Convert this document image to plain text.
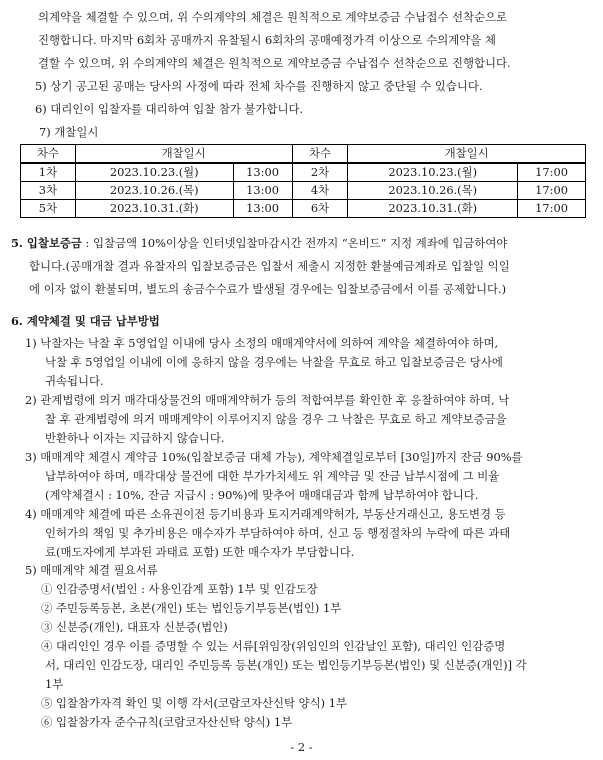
의계약을 체결할 수 있으며, 위 수의계약의 체결은 원칙적으로 계약보증금 수납접수 선착순으로
진행합니다. 마지막 6회차 공매까지 유찰될시 6회차의 공매예정가격 이상으로 수의계약을 체
결할 수 있으며, 위 수의계약의 체결은 원칙적으로 계약보증금 수납접수 선착순으로 진행합니다.
5) 상기 공고된 공매는 당사의 사정에 따라 전체 차수를 진행하지 않고 중단될 수 있습니다.
6) 대리인이 입찰자를 대리하여 입찰 참가 불가합니다.
7) 개찰일시
차수	개찰일시		차수	개찰일시	
1차	2023.10.23.(월)	13:00	2차	2023.10.23.(월)	17:00
3차	2023.10.26.(목)	13:00	4차	2023.10.26.(목)	17:00
5차	2023.10.31.(화)	13:00	6차	2023.10.31.(화)	17:00
5. 입찰보증금 : 입찰금액 10%이상을 인터넷입찰마감시간 전까지 “온비드” 지정 계좌에 입금하여야
합니다.(공매개찰 결과 유찰자의 입찰보증금은 입찰서 제출시 지정한 환불예금계좌로 입찰일 익일
에 이자 없이 환불되며, 별도의 송금수수료가 발생될 경우에는 입찰보증금에서 이를 공제합니다.)
6. 계약체결 및 대금 납부방법
1) 낙찰자는 낙찰 후 5영업일 이내에 당사 소정의 매매계약서에 의하여 계약을 체결하여야 하며,
낙찰 후 5영업일 이내에 이에 응하지 않을 경우에는 낙찰을 무효로 하고 입찰보증금은 당사에
귀속됩니다.
2) 관계법령에 의거 매각대상물건의 매매계약허가 등의 적합여부를 확인한 후 응찰하여야 하며, 낙
찰 후 관계법령에 의거 매매계약이 이루어지지 않을 경우 그 낙찰은 무효로 하고 계약보증금을
반환하나 이자는 지급하지 않습니다.
3) 매매계약 체결시 계약금 10%(입찰보증금 대체 가능), 계약체결일로부터 [30일]까지 잔금 90%를
납부하여야 하며, 매각대상 물건에 대한 부가가치세도 위 계약금 및 잔금 납부시점에 그 비율
(계약체결시 : 10%, 잔금 지급시 : 90%)에 맞추어 매매대금과 함께 납부하여야 합니다.
4) 매매계약 체결에 따른 소유권이전 등기비용과 토지거래계약허가, 부동산거래신고, 용도변경 등
인허가의 책임 및 추가비용은 매수자가 부담하여야 하며, 신고 등 행정절차의 누락에 따른 과태
료(매도자에게 부과된 과태료 포함) 또한 매수자가 부담합니다.
5) 매매계약 체결 필요서류
① 인감증명서(법인 : 사용인감계 포함) 1부 및 인감도장
② 주민등록등본, 초본(개인) 또는 법인등기부등본(법인) 1부
③ 신분증(개인), 대표자 신분증(법인)
④ 대리인인 경우 이를 증명할 수 있는 서류[위임장(위임인의 인감날인 포함), 대리인 인감증명
- 2 -
서, 대리인 인감도장, 대리인 주민등록 등본(개인) 또는 법인등기부등본(법인) 및 신분증(개인)] 각
1부
⑤ 입찰참가자격 확인 및 이행 각서(코람코자산신탁 양식) 1부
⑥ 입찰참가자 준수규칙(코람코자산신탁 양식) 1부
